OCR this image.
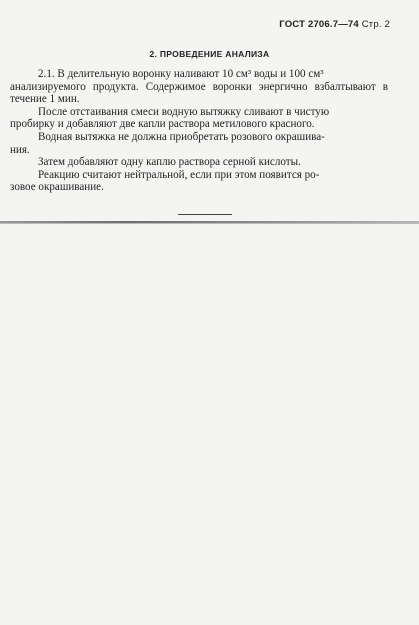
ГОСТ 2706.7—74 Стр. 2
2. ПРОВЕДЕНИЕ АНАЛИЗА

2.1. В делительную воронку наливают 10 см³ воды и 100 см³

анализируемого продукта. Содержимое воронки энергично взбалтывают в течение 1 мин.

После отстаивания смеси водную вытяжку сливают в чистую

пробирку и добавляют две капли раствора метилового красного.

Водная вытяжка не должна приобретать розового окрашива-

ния.

Затем добавляют одну каплю раствора серной кислоты.

Реакцию считают нейтральной, если при этом появится ро-

зовое окрашивание.
